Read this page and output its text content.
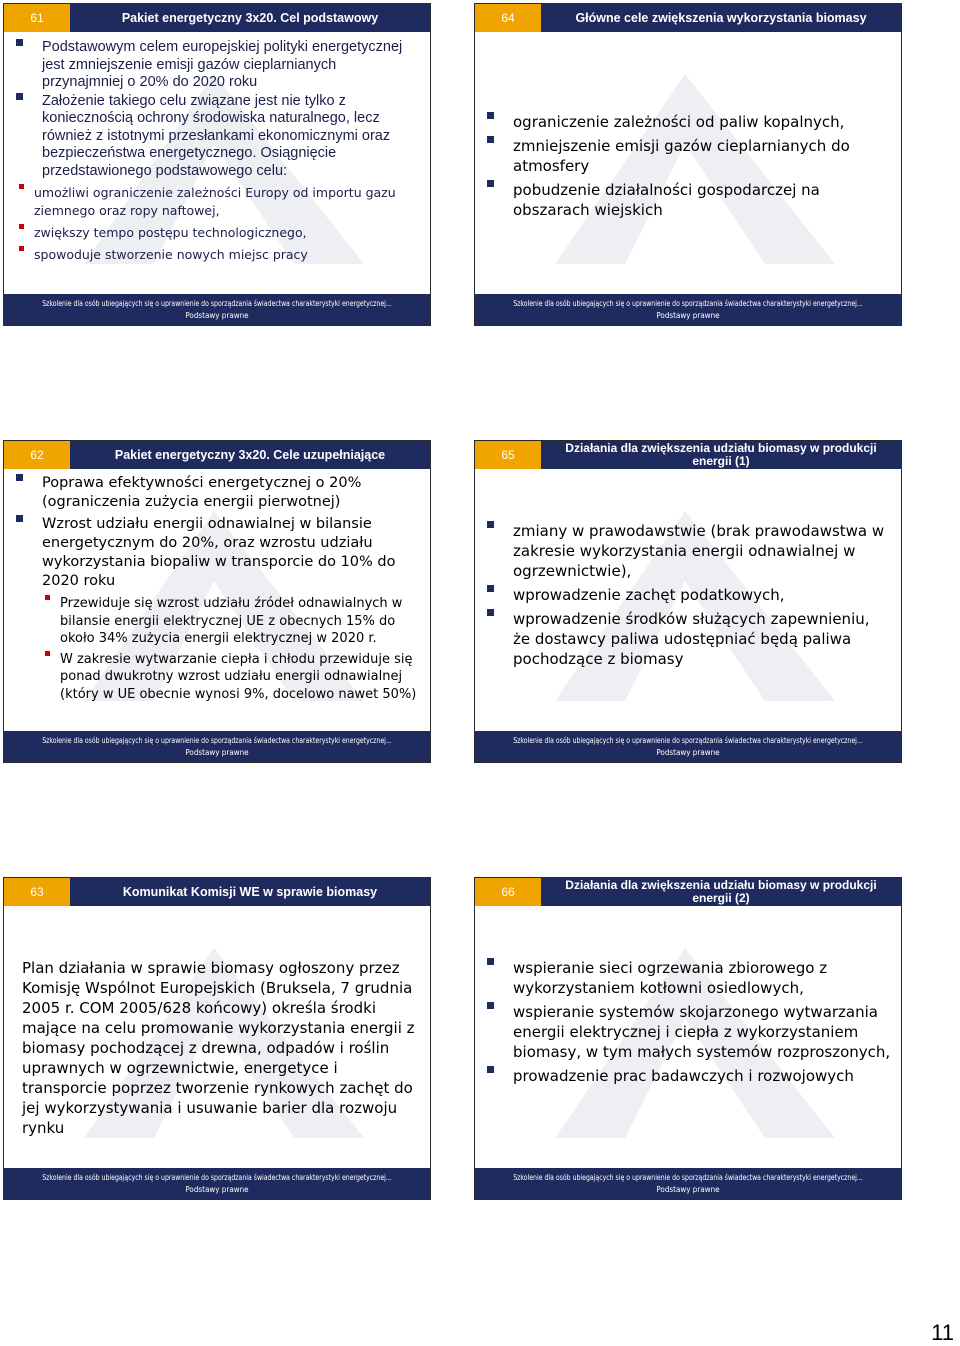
61	Pakiet energetyczny 3x20. Cel podstawowy
Podstawowym celem europejskiej polityki energetycznej jest zmniejszenie emisji gazów cieplarnianych przynajmniej o 20% do 2020 roku
Założenie takiego celu związane jest nie tylko z koniecznością ochrony środowiska naturalnego, lecz również z istotnymi przesłankami ekonomicznymi oraz bezpieczeństwa energetycznego. Osiągnięcie przedstawionego podstawowego celu:
umożliwi ograniczenie zależności Europy od importu gazu ziemnego oraz ropy naftowej,
zwiększy tempo postępu technologicznego,
spowoduje stworzenie nowych miejsc pracy
Szkolenie dla osób ubiegających się o uprawnienie do sporządzania świadectwa charakterystyki energetycznej...
Podstawy prawne
64	Główne cele zwiększenia wykorzystania biomasy
ograniczenie zależności od paliw kopalnych,
zmniejszenie emisji gazów cieplarnianych do atmosfery
pobudzenie działalności gospodarczej na obszarach wiejskich
Szkolenie dla osób ubiegających się o uprawnienie do sporządzania świadectwa charakterystyki energetycznej...
Podstawy prawne
62	Pakiet energetyczny 3x20. Cele uzupełniające
Poprawa efektywności energetycznej o 20% (ograniczenia zużycia energii pierwotnej)
Wzrost udziału energii odnawialnej w bilansie energetycznym do 20%, oraz wzrostu udziału wykorzystania biopaliw w transporcie do 10% do 2020 roku
Przewiduje się wzrost udziału źródeł odnawialnych w bilansie energii elektrycznej UE z obecnych 15% do około 34% zużycia energii elektrycznej w 2020 r.
W zakresie wytwarzanie ciepła i chłodu przewiduje się ponad dwukrotny wzrost udziału energii odnawialnej (który w UE obecnie wynosi 9%, docelowo nawet 50%)
Szkolenie dla osób ubiegających się o uprawnienie do sporządzania świadectwa charakterystyki energetycznej...
Podstawy prawne
65	Działania dla zwiększenia udziału biomasy w produkcji energii (1)
zmiany w prawodawstwie (brak prawodawstwa w zakresie wykorzystania energii odnawialnej w ogrzewnictwie),
wprowadzenie zachęt podatkowych,
wprowadzenie środków służących zapewnieniu, że dostawcy paliwa udostępniać będą paliwa pochodzące z biomasy
Szkolenie dla osób ubiegających się o uprawnienie do sporządzania świadectwa charakterystyki energetycznej...
Podstawy prawne
63	Komunikat Komisji WE w sprawie biomasy

Plan działania w sprawie biomasy ogłoszony przez Komisję Wspólnot Europejskich (Bruksela, 7 grudnia 2005 r. COM 2005/628 końcowy) określa środki mające na celu promowanie wykorzystania energii z biomasy pochodzącej z drewna, odpadów i roślin uprawnych w ogrzewnictwie, energetyce i transporcie poprzez tworzenie rynkowych zachęt do jej wykorzystywania i usuwanie barier dla rozwoju rynku

Szkolenie dla osób ubiegających się o uprawnienie do sporządzania świadectwa charakterystyki energetycznej...
Podstawy prawne
66	Działania dla zwiększenia udziału biomasy w produkcji energii (2)
wspieranie sieci ogrzewania zbiorowego z wykorzystaniem kotłowni osiedlowych,
wspieranie systemów skojarzonego wytwarzania energii elektrycznej i ciepła z wykorzystaniem biomasy, w tym małych systemów rozproszonych,
prowadzenie prac badawczych i rozwojowych
Szkolenie dla osób ubiegających się o uprawnienie do sporządzania świadectwa charakterystyki energetycznej...
Podstawy prawne
11
